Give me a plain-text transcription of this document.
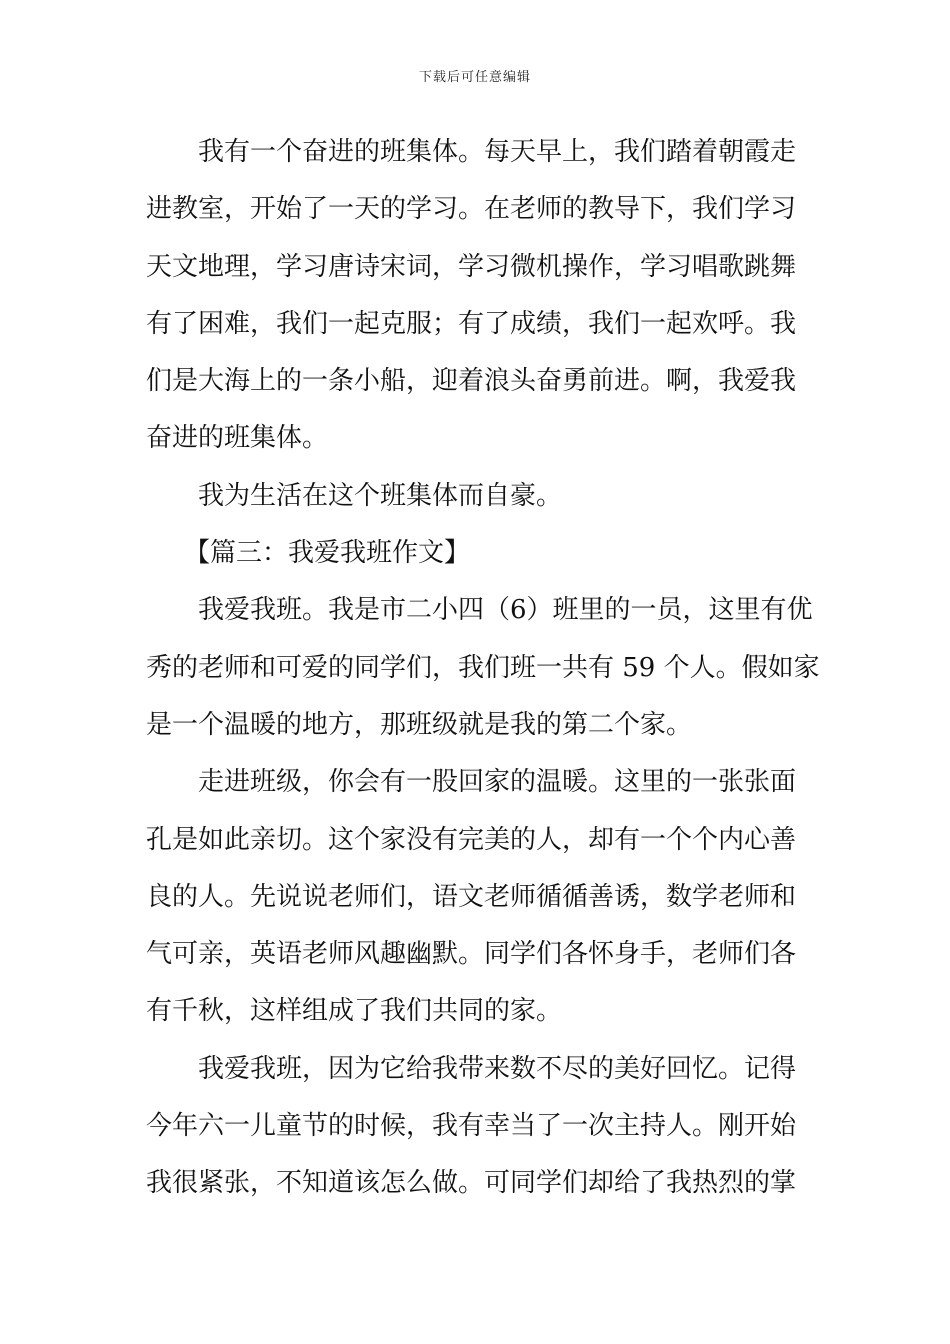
下载后可任意编辑
我有一个奋进的班集体。每天早上，我们踏着朝霞走
进教室，开始了一天的学习。在老师的教导下，我们学习
天文地理，学习唐诗宋词，学习微机操作，学习唱歌跳舞
有了困难，我们一起克服；有了成绩，我们一起欢呼。我
们是大海上的一条小船，迎着浪头奋勇前进。啊，我爱我
奋进的班集体。
我为生活在这个班集体而自豪。
【篇三：我爱我班作文】
我爱我班。我是市二小四（6）班里的一员，这里有优
秀的老师和可爱的同学们，我们班一共有 59 个人。假如家
是一个温暖的地方，那班级就是我的第二个家。
走进班级，你会有一股回家的温暖。这里的一张张面
孔是如此亲切。这个家没有完美的人，却有一个个内心善
良的人。先说说老师们，语文老师循循善诱，数学老师和
气可亲，英语老师风趣幽默。同学们各怀身手，老师们各
有千秋，这样组成了我们共同的家。
我爱我班，因为它给我带来数不尽的美好回忆。记得
今年六一儿童节的时候，我有幸当了一次主持人。刚开始
我很紧张，不知道该怎么做。可同学们却给了我热烈的掌
